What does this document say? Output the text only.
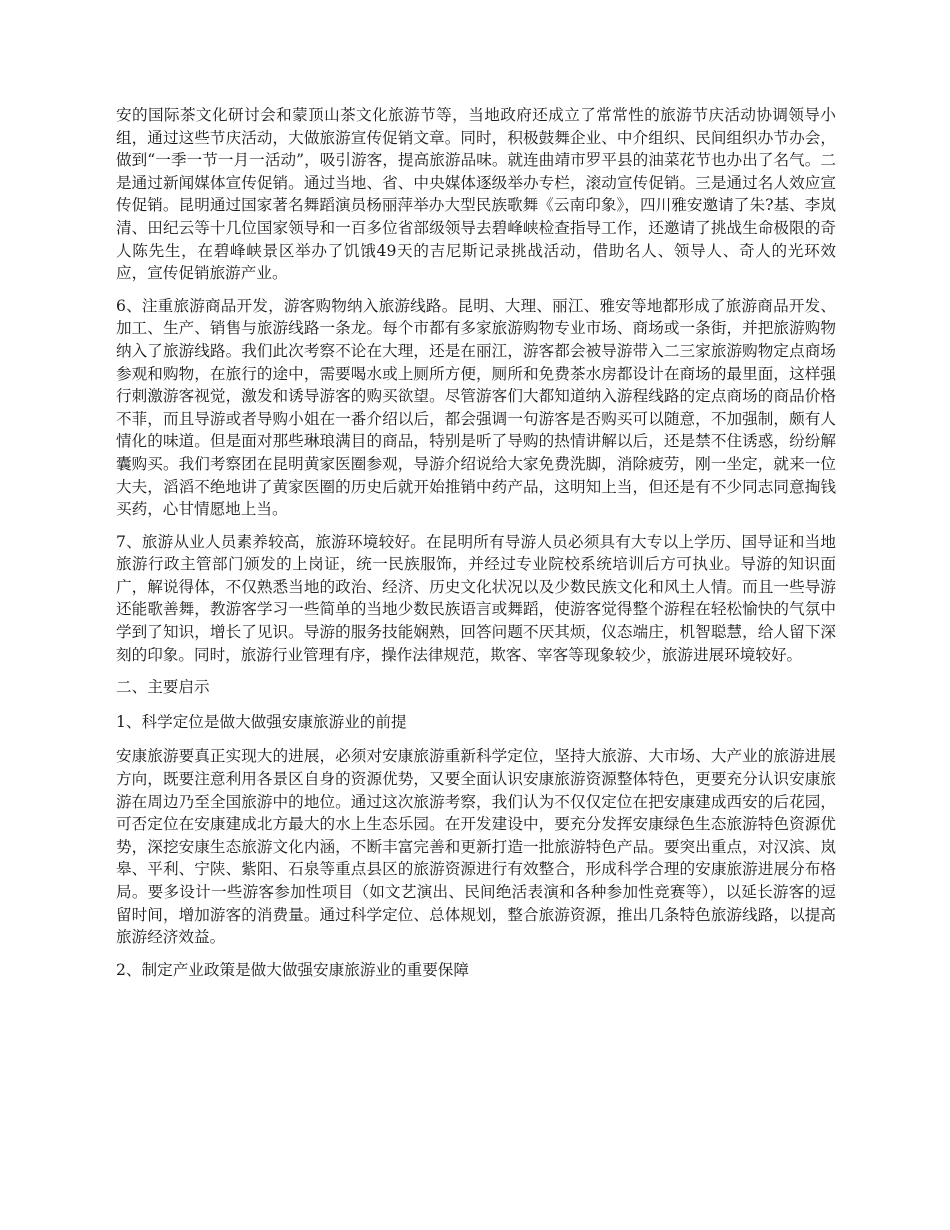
安的国际茶文化研讨会和蒙顶山茶文化旅游节等，当地政府还成立了常常性的旅游节庆活动协调领导小组，通过这些节庆活动，大做旅游宣传促销文章。同时，积极鼓舞企业、中介组织、民间组织办节办会，做到“一季一节一月一活动”，吸引游客，提高旅游品味。就连曲靖市罗平县的油菜花节也办出了名气。二是通过新闻媒体宣传促销。通过当地、省、中央媒体逐级举办专栏，滚动宣传促销。三是通过名人效应宣传促销。昆明通过国家著名舞蹈演员杨丽萍举办大型民族歌舞《云南印象》，四川雅安邀请了朱?基、李岚清、田纪云等十几位国家领导和一百多位省部级领导去碧峰峡检查指导工作，还邀请了挑战生命极限的奇人陈先生，在碧峰峡景区举办了饥饿49天的吉尼斯记录挑战活动，借助名人、领导人、奇人的光环效应，宣传促销旅游产业。

6、注重旅游商品开发，游客购物纳入旅游线路。昆明、大理、丽江、雅安等地都形成了旅游商品开发、加工、生产、销售与旅游线路一条龙。每个市都有多家旅游购物专业市场、商场或一条街，并把旅游购物纳入了旅游线路。我们此次考察不论在大理，还是在丽江，游客都会被导游带入二三家旅游购物定点商场参观和购物，在旅行的途中，需要喝水或上厕所方便，厕所和免费茶水房都设计在商场的最里面，这样强行刺激游客视觉，激发和诱导游客的购买欲望。尽管游客们大都知道纳入游程线路的定点商场的商品价格不菲，而且导游或者导购小姐在一番介绍以后，都会强调一句游客是否购买可以随意，不加强制，颇有人情化的味道。但是面对那些琳琅满目的商品，特别是听了导购的热情讲解以后，还是禁不住诱惑，纷纷解囊购买。我们考察团在昆明黄家医圈参观，导游介绍说给大家免费洗脚，消除疲劳，刚一坐定，就来一位大夫，滔滔不绝地讲了黄家医圈的历史后就开始推销中药产品，这明知上当，但还是有不少同志同意掏钱买药，心甘情愿地上当。

7、旅游从业人员素养较高，旅游环境较好。在昆明所有导游人员必须具有大专以上学历、国导证和当地旅游行政主管部门颁发的上岗证，统一民族服饰，并经过专业院校系统培训后方可执业。导游的知识面广，解说得体，不仅熟悉当地的政治、经济、历史文化状况以及少数民族文化和风土人情。而且一些导游还能歌善舞，教游客学习一些简单的当地少数民族语言或舞蹈，使游客觉得整个游程在轻松愉快的气氛中学到了知识，增长了见识。导游的服务技能娴熟，回答问题不厌其烦，仪态端庄，机智聪慧，给人留下深刻的印象。同时，旅游行业管理有序，操作法律规范，欺客、宰客等现象较少，旅游进展环境较好。

二、主要启示

1、科学定位是做大做强安康旅游业的前提

安康旅游要真正实现大的进展，必须对安康旅游重新科学定位，坚持大旅游、大市场、大产业的旅游进展方向，既要注意利用各景区自身的资源优势，又要全面认识安康旅游资源整体特色，更要充分认识安康旅游在周边乃至全国旅游中的地位。通过这次旅游考察，我们认为不仅仅定位在把安康建成西安的后花园，可否定位在安康建成北方最大的水上生态乐园。在开发建设中，要充分发挥安康绿色生态旅游特色资源优势，深挖安康生态旅游文化内涵，不断丰富完善和更新打造一批旅游特色产品。要突出重点，对汉滨、岚皋、平利、宁陕、紫阳、石泉等重点县区的旅游资源进行有效整合，形成科学合理的安康旅游进展分布格局。要多设计一些游客参加性项目（如文艺演出、民间绝活表演和各种参加性竞赛等），以延长游客的逗留时间，增加游客的消费量。通过科学定位、总体规划，整合旅游资源，推出几条特色旅游线路，以提高旅游经济效益。

2、制定产业政策是做大做强安康旅游业的重要保障
